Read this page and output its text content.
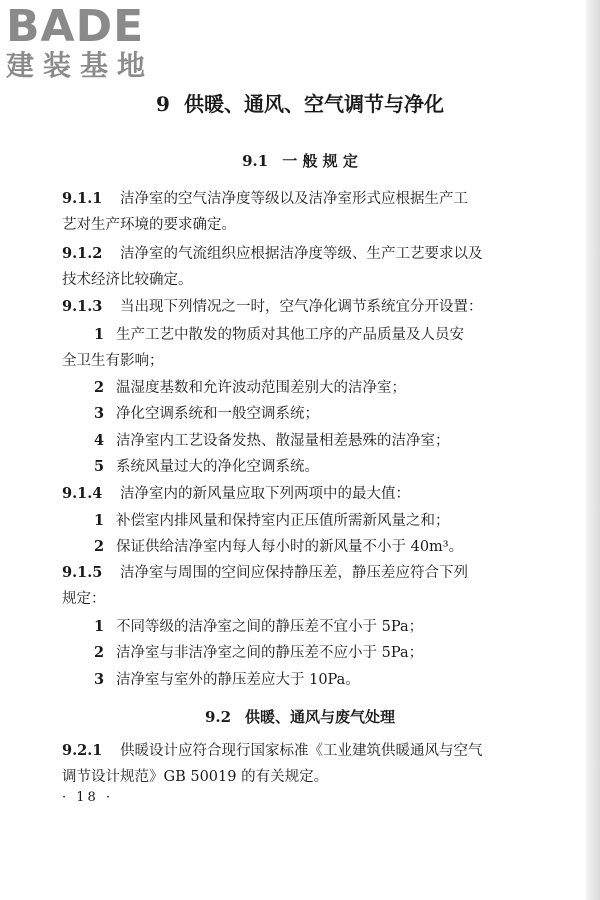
BADE
建装基地
9 供暖、通风、空气调节与净化
9.1 一 般 规 定
9.1.1 洁净室的空气洁净度等级以及洁净室形式应根据生产工
艺对生产环境的要求确定。
9.1.2 洁净室的气流组织应根据洁净度等级、生产工艺要求以及
技术经济比较确定。
9.1.3 当出现下列情况之一时，空气净化调节系统宜分开设置：
1 生产工艺中散发的物质对其他工序的产品质量及人员安
全卫生有影响；
2 温湿度基数和允许波动范围差别大的洁净室；
3 净化空调系统和一般空调系统；
4 洁净室内工艺设备发热、散湿量相差悬殊的洁净室；
5 系统风量过大的净化空调系统。
9.1.4 洁净室内的新风量应取下列两项中的最大值：
1 补偿室内排风量和保持室内正压值所需新风量之和；
2 保证供给洁净室内每人每小时的新风量不小于 40m³。
9.1.5 洁净室与周围的空间应保持静压差，静压差应符合下列
规定：
1 不同等级的洁净室之间的静压差不宜小于 5Pa；
2 洁净室与非洁净室之间的静压差不应小于 5Pa；
3 洁净室与室外的静压差应大于 10Pa。
9.2 供暖、通风与废气处理
9.2.1 供暖设计应符合现行国家标准《工业建筑供暖通风与空气
调节设计规范》GB 50019 的有关规定。
· 18 ·
